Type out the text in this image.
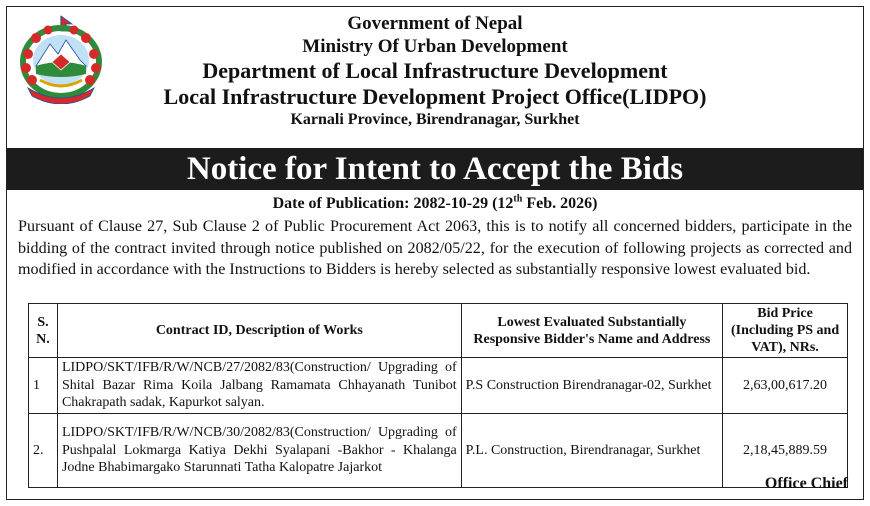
Government of Nepal
Ministry Of Urban Development
Department of Local Infrastructure Development
Local Infrastructure Development Project Office(LIDPO)
Karnali Province, Birendranagar, Surkhet
Notice for Intent to Accept the Bids
Date of Publication: 2082-10-29 (12th Feb. 2026)
Pursuant of Clause 27, Sub Clause 2 of Public Procurement Act 2063, this is to notify all concerned bidders, participate in the bidding of the contract invited through notice published on 2082/05/22, for the execution of following projects as corrected and modified in accordance with the Instructions to Bidders is hereby selected as substantially responsive lowest evaluated bid.
S. N.	Contract ID, Description of Works	Lowest Evaluated Substantially Responsive Bidder's Name and Address	Bid Price (Including PS and VAT), NRs.
1	LIDPO/SKT/IFB/R/W/NCB/27/2082/83(Construction/ Upgrading of Shital Bazar Rima Koila Jalbang Ramamata Chhayanath Tunibot Chakrapath sadak, Kapurkot salyan.	P.S Construction Birendranagar-02, Surkhet	2,63,00,617.20
2.	LIDPO/SKT/IFB/R/W/NCB/30/2082/83(Construction/ Upgrading of Pushpalal Lokmarga Katiya Dekhi Syalapani -Bakhor - Khalanga Jodne Bhabimargako Starunnati Tatha Kalopatre Jajarkot	P.L. Construction, Birendranagar, Surkhet	2,18,45,889.59
Office Chief
